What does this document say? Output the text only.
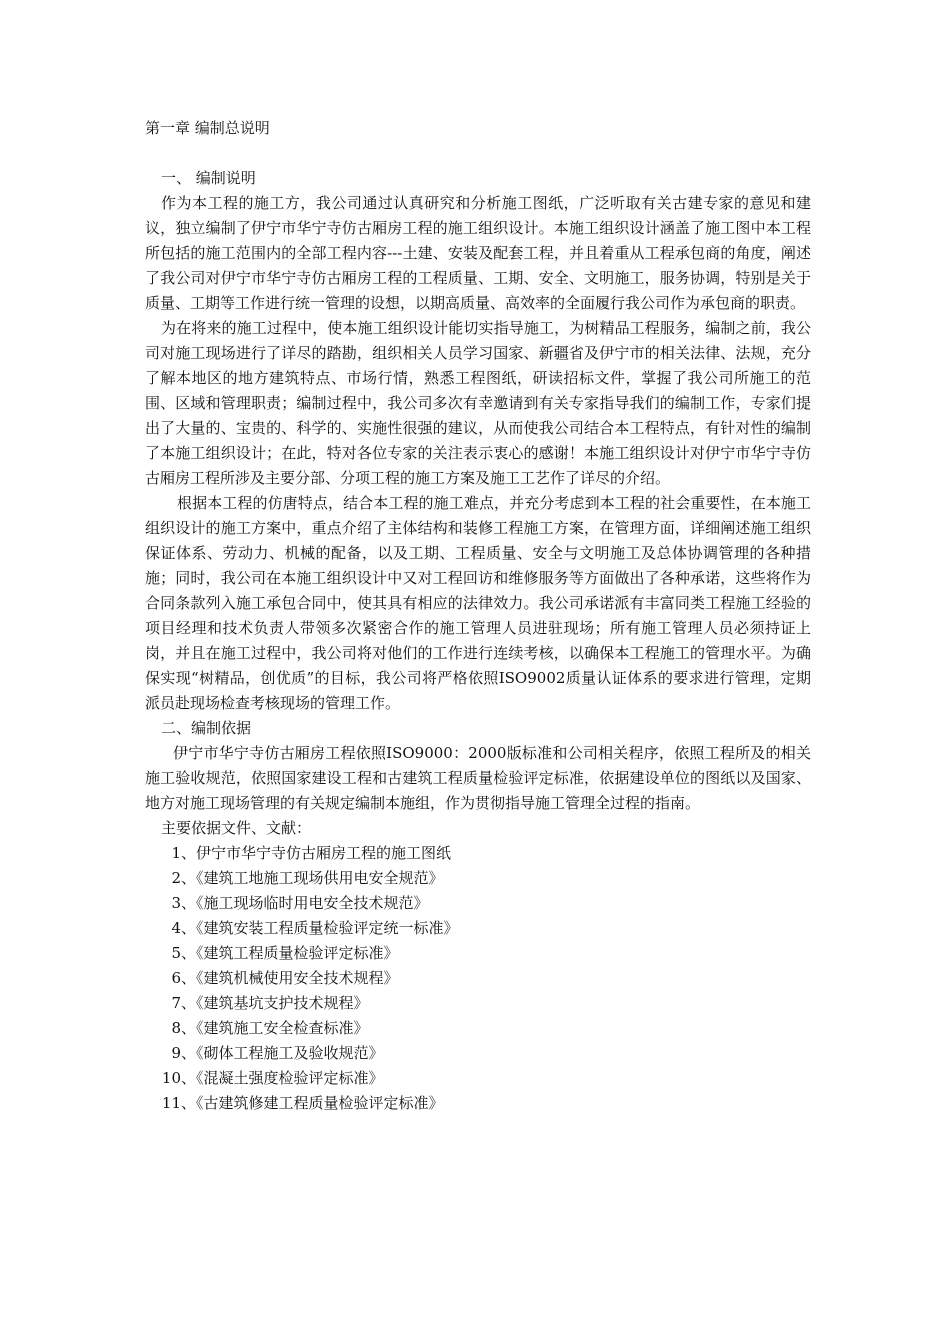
第一章 编制总说明

一、 编制说明

作为本工程的施工方，我公司通过认真研究和分析施工图纸，广泛听取有关古建专家的意见和建议，独立编制了伊宁市华宁寺仿古厢房工程的施工组织设计。本施工组织设计涵盖了施工图中本工程所包括的施工范围内的全部工程内容---土建、安装及配套工程，并且着重从工程承包商的角度，阐述了我公司对伊宁市华宁寺仿古厢房工程的工程质量、工期、安全、文明施工，服务协调，特别是关于质量、工期等工作进行统一管理的设想，以期高质量、高效率的全面履行我公司作为承包商的职责。

为在将来的施工过程中，使本施工组织设计能切实指导施工，为树精品工程服务，编制之前，我公司对施工现场进行了详尽的踏勘，组织相关人员学习国家、新疆省及伊宁市的相关法律、法规，充分了解本地区的地方建筑特点、市场行情，熟悉工程图纸，研读招标文件，掌握了我公司所施工的范围、区域和管理职责；编制过程中，我公司多次有幸邀请到有关专家指导我们的编制工作，专家们提出了大量的、宝贵的、科学的、实施性很强的建议，从而使我公司结合本工程特点，有针对性的编制了本施工组织设计；在此，特对各位专家的关注表示衷心的感谢！本施工组织设计对伊宁市华宁寺仿古厢房工程所涉及主要分部、分项工程的施工方案及施工工艺作了详尽的介绍。

根据本工程的仿唐特点，结合本工程的施工难点，并充分考虑到本工程的社会重要性，在本施工组织设计的施工方案中，重点介绍了主体结构和装修工程施工方案，在管理方面，详细阐述施工组织保证体系、劳动力、机械的配备，以及工期、工程质量、安全与文明施工及总体协调管理的各种措施；同时，我公司在本施工组织设计中又对工程回访和维修服务等方面做出了各种承诺，这些将作为合同条款列入施工承包合同中，使其具有相应的法律效力。我公司承诺派有丰富同类工程施工经验的项目经理和技术负责人带领多次紧密合作的施工管理人员进驻现场；所有施工管理人员必须持证上岗，并且在施工过程中，我公司将对他们的工作进行连续考核，以确保本工程施工的管理水平。为确保实现“树精品，创优质”的目标，我公司将严格依照ISO9002质量认证体系的要求进行管理，定期派员赴现场检查考核现场的管理工作。

二、编制依据

伊宁市华宁寺仿古厢房工程依照ISO9000：2000版标准和公司相关程序，依照工程所及的相关施工验收规范，依照国家建设工程和古建筑工程质量检验评定标准，依据建设单位的图纸以及国家、地方对施工现场管理的有关规定编制本施组，作为贯彻指导施工管理全过程的指南。

主要依据文件、文献：

1、伊宁市华宁寺仿古厢房工程的施工图纸
2、《建筑工地施工现场供用电安全规范》
3、《施工现场临时用电安全技术规范》
4、《建筑安装工程质量检验评定统一标准》
5、《建筑工程质量检验评定标准》
6、《建筑机械使用安全技术规程》
7、《建筑基坑支护技术规程》
8、《建筑施工安全检查标准》
9、《砌体工程施工及验收规范》
10、《混凝土强度检验评定标准》
11、《古建筑修建工程质量检验评定标准》
